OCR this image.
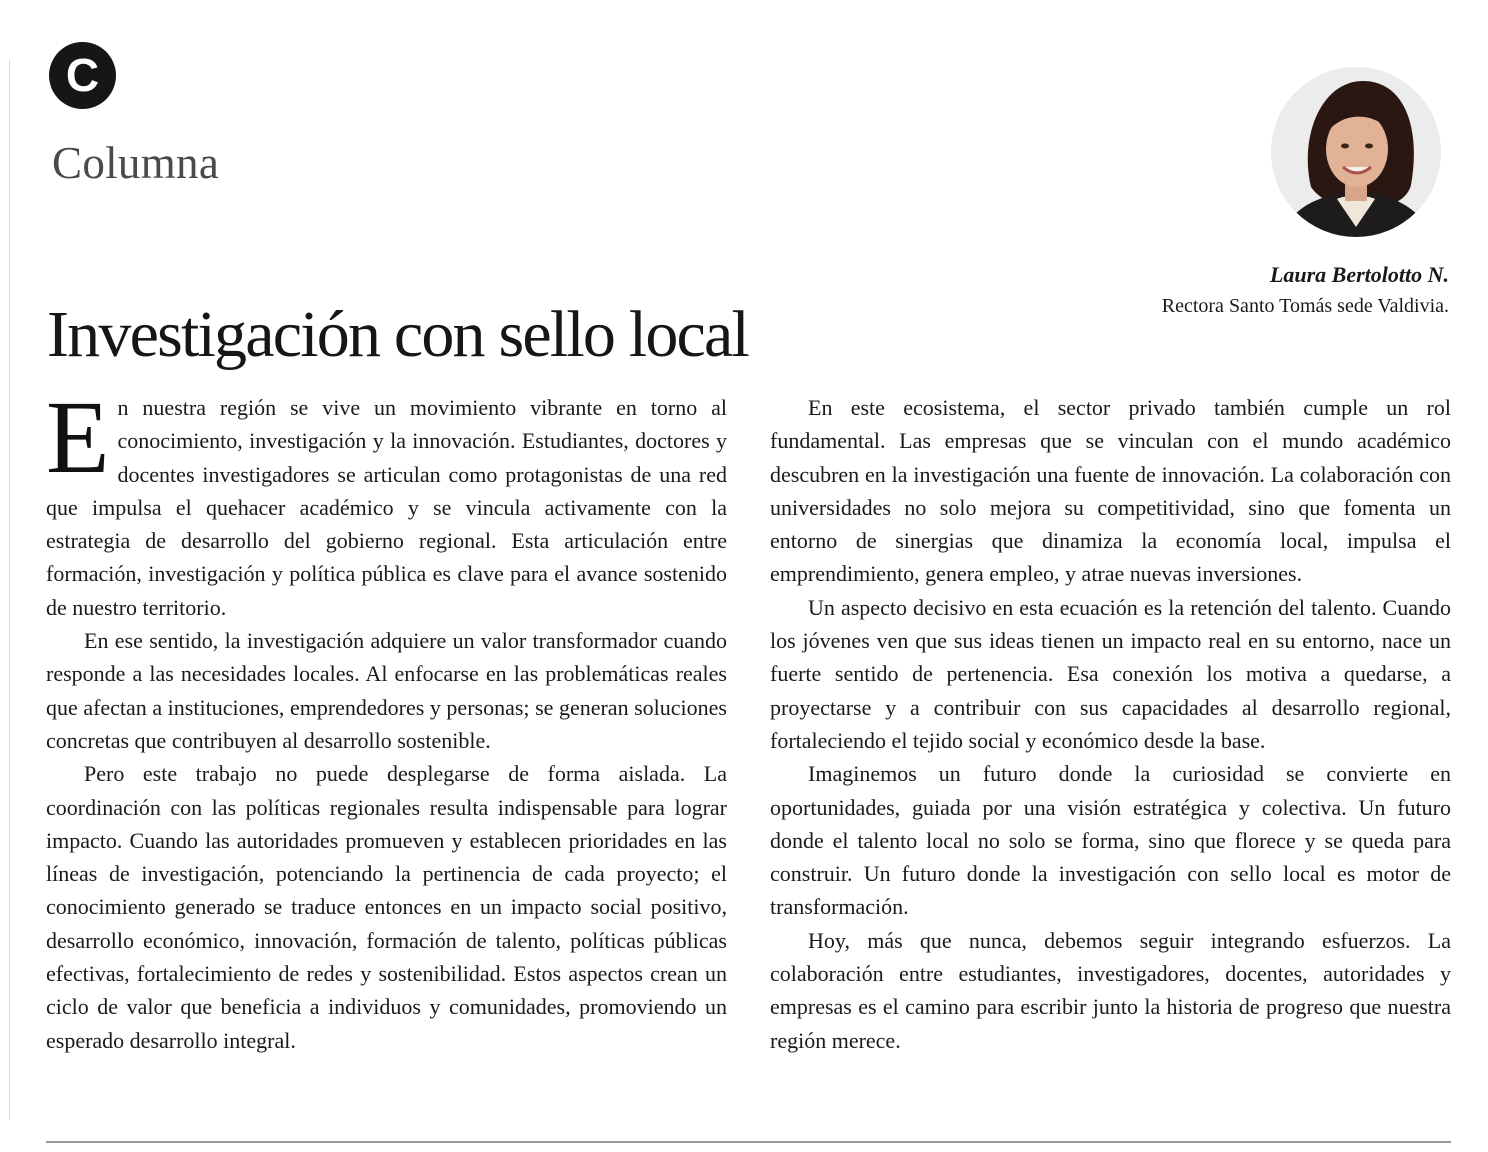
C
Columna
Laura Bertolotto N.
Rectora Santo Tomás sede Valdivia.
Investigación con sello local

En nuestra región se vive un movimiento vibrante en torno al conocimiento, investigación y la innovación. Estudiantes, doctores y docentes investigadores se articulan como protagonistas de una red que impulsa el quehacer académico y se vincula activamente con la estrategia de desarrollo del gobierno regional. Esta articulación entre formación, investigación y política pública es clave para el avance sostenido de nuestro territorio.

En ese sentido, la investigación adquiere un valor transformador cuando responde a las necesidades locales. Al enfocarse en las problemáticas reales que afectan a instituciones, emprendedores y personas; se generan soluciones concretas que contribuyen al desarrollo sostenible.

Pero este trabajo no puede desplegarse de forma aislada. La coordinación con las políticas regionales resulta indispensable para lograr impacto. Cuando las autoridades promueven y establecen prioridades en las líneas de investigación, potenciando la pertinencia de cada proyecto; el conocimiento generado se traduce entonces en un impacto social positivo, desarrollo económico, innovación, formación de talento, políticas públicas efectivas, fortalecimiento de redes y sostenibilidad. Estos aspectos crean un ciclo de valor que beneficia a individuos y comunidades, promoviendo un esperado desarrollo integral.

En este ecosistema, el sector privado también cumple un rol fundamental. Las empresas que se vinculan con el mundo académico descubren en la investigación una fuente de innovación. La colaboración con universidades no solo mejora su competitividad, sino que fomenta un entorno de sinergias que dinamiza la economía local, impulsa el emprendimiento, genera empleo, y atrae nuevas inversiones.

Un aspecto decisivo en esta ecuación es la retención del talento. Cuando los jóvenes ven que sus ideas tienen un impacto real en su entorno, nace un fuerte sentido de pertenencia. Esa conexión los motiva a quedarse, a proyectarse y a contribuir con sus capacidades al desarrollo regional, fortaleciendo el tejido social y económico desde la base.

Imaginemos un futuro donde la curiosidad se convierte en oportunidades, guiada por una visión estratégica y colectiva. Un futuro donde el talento local no solo se forma, sino que florece y se queda para construir. Un futuro donde la investigación con sello local es motor de transformación.

Hoy, más que nunca, debemos seguir integrando esfuerzos. La colaboración entre estudiantes, investigadores, docentes, autoridades y empresas es el camino para escribir junto la historia de progreso que nuestra región merece.
